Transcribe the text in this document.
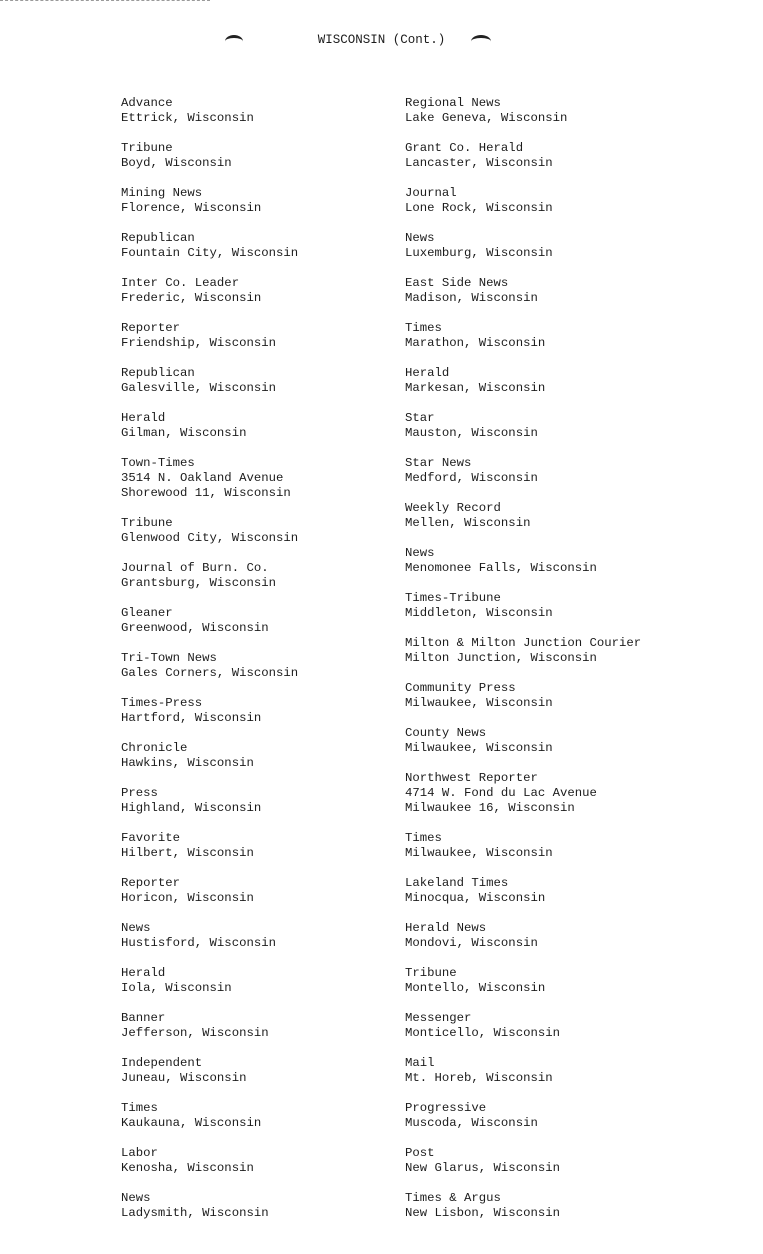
WISCONSIN (Cont.)
Advance
Ettrick, Wisconsin
Tribune
Boyd, Wisconsin
Mining News
Florence, Wisconsin
Republican
Fountain City, Wisconsin
Inter Co. Leader
Frederic, Wisconsin
Reporter
Friendship, Wisconsin
Republican
Galesville, Wisconsin
Herald
Gilman, Wisconsin
Town-Times
3514 N. Oakland Avenue
Shorewood 11, Wisconsin
Tribune
Glenwood City, Wisconsin
Journal of Burn. Co.
Grantsburg, Wisconsin
Gleaner
Greenwood, Wisconsin
Tri-Town News
Gales Corners, Wisconsin
Times-Press
Hartford, Wisconsin
Chronicle
Hawkins, Wisconsin
Press
Highland, Wisconsin
Favorite
Hilbert, Wisconsin
Reporter
Horicon, Wisconsin
News
Hustisford, Wisconsin
Herald
Iola, Wisconsin
Banner
Jefferson, Wisconsin
Independent
Juneau, Wisconsin
Times
Kaukauna, Wisconsin
Labor
Kenosha, Wisconsin
News
Ladysmith, Wisconsin
Regional News
Lake Geneva, Wisconsin
Grant Co. Herald
Lancaster, Wisconsin
Journal
Lone Rock, Wisconsin
News
Luxemburg, Wisconsin
East Side News
Madison, Wisconsin
Times
Marathon, Wisconsin
Herald
Markesan, Wisconsin
Star
Mauston, Wisconsin
Star News
Medford, Wisconsin
Weekly Record
Mellen, Wisconsin
News
Menomonee Falls, Wisconsin
Times-Tribune
Middleton, Wisconsin
Milton & Milton Junction Courier
Milton Junction, Wisconsin
Community Press
Milwaukee, Wisconsin
County News
Milwaukee, Wisconsin
Northwest Reporter
4714 W. Fond du Lac Avenue
Milwaukee 16, Wisconsin
Times
Milwaukee, Wisconsin
Lakeland Times
Minocqua, Wisconsin
Herald News
Mondovi, Wisconsin
Tribune
Montello, Wisconsin
Messenger
Monticello, Wisconsin
Mail
Mt. Horeb, Wisconsin
Progressive
Muscoda, Wisconsin
Post
New Glarus, Wisconsin
Times & Argus
New Lisbon, Wisconsin
